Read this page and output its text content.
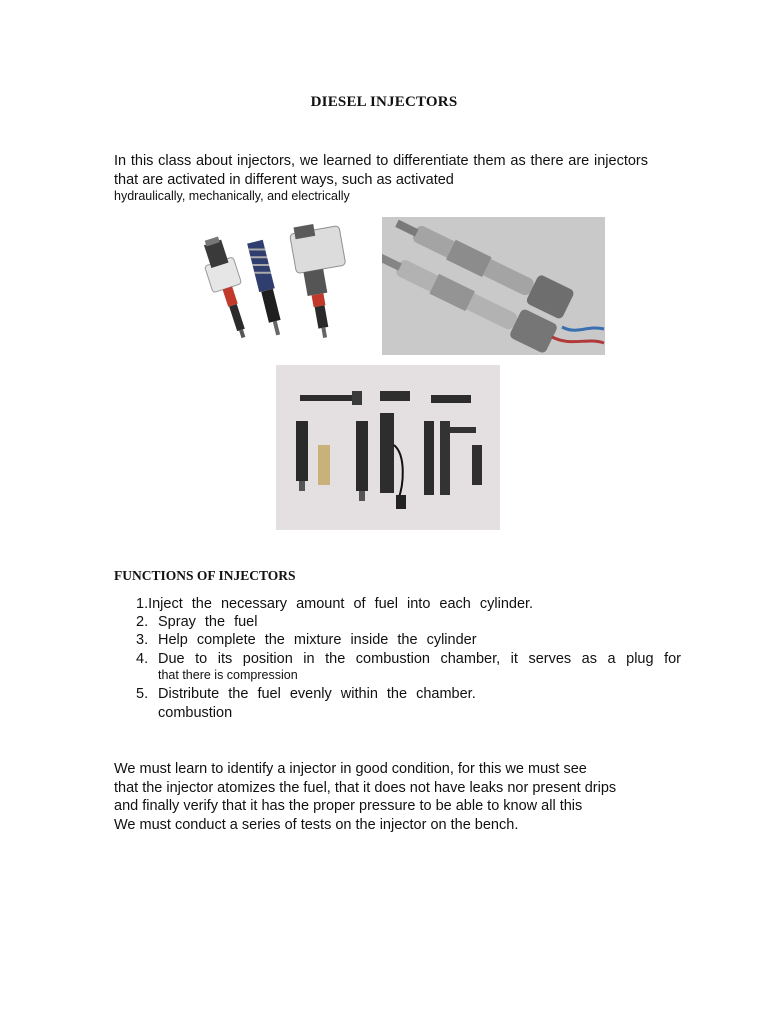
DIESEL INJECTORS
In this class about injectors, we learned to differentiate them as there are injectors that are activated in different ways, such as activated
hydraulically, mechanically, and electrically
FUNCTIONS OF INJECTORS
1.Inject the necessary amount of fuel into each cylinder.
2. Spray the fuel
3. Help complete the mixture inside the cylinder
4. Due to its position in the combustion chamber, it serves as a plug for
that there is compression
5. Distribute the fuel evenly within the chamber.
combustion
We must learn to identify a injector in good condition, for this we must see
that the injector atomizes the fuel, that it does not have leaks nor present drips
and finally verify that it has the proper pressure to be able to know all this
We must conduct a series of tests on the injector on the bench.
